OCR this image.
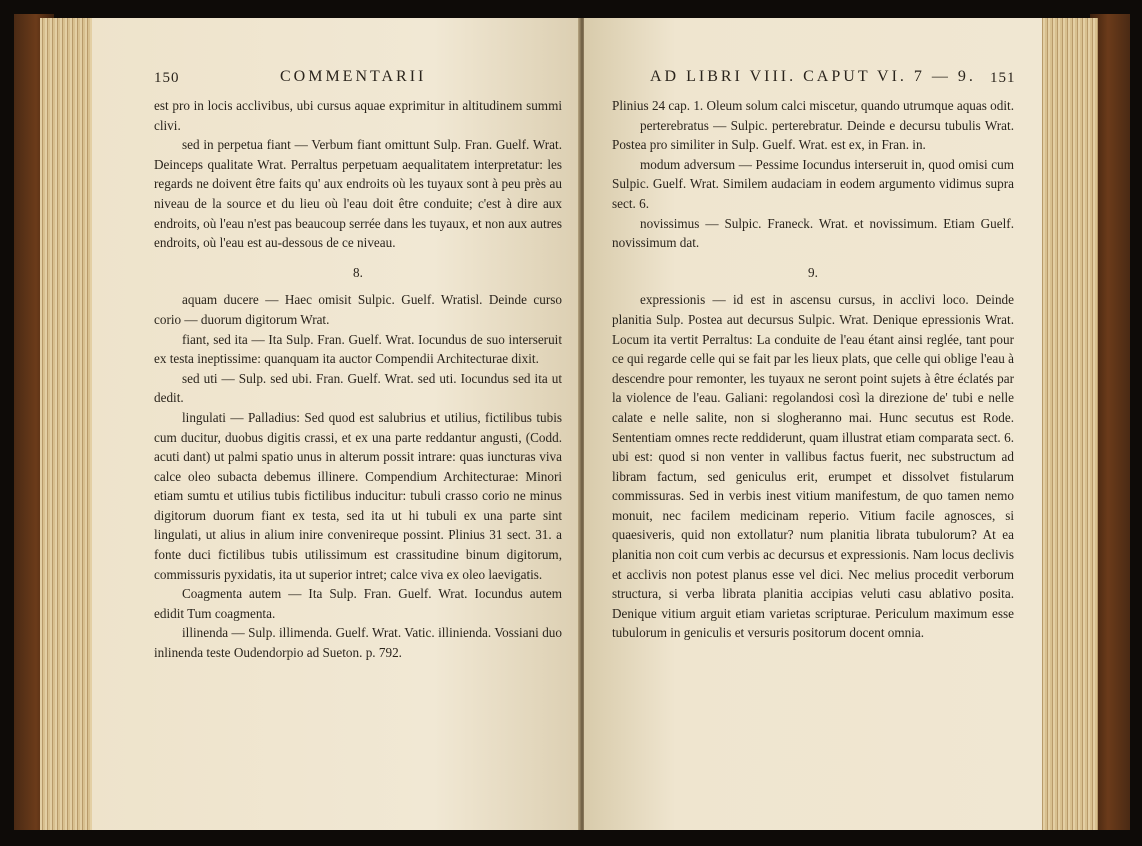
150	COMMENTARII

est pro in locis acclivibus, ubi cursus aquae exprimitur in altitudinem summi clivi.

sed in perpetua fiant — Verbum fiant omittunt Sulp. Fran. Guelf. Wrat. Deinceps qualitate Wrat. Perraltus perpetuam aequalitatem interpretatur: les regards ne doivent être faits qu' aux endroits où les tuyaux sont à peu près au niveau de la source et du lieu où l'eau doit être conduite; c'est à dire aux endroits, où l'eau n'est pas beaucoup serrée dans les tuyaux, et non aux autres endroits, où l'eau est au-dessous de ce niveau.

8.

aquam ducere — Haec omisit Sulpic. Guelf. Wratisl. Deinde curso corio — duorum digitorum Wrat.

fiant, sed ita — Ita Sulp. Fran. Guelf. Wrat. Iocundus de suo interseruit ex testa ineptissime: quanquam ita auctor Compendii Architecturae dixit.

sed uti — Sulp. sed ubi. Fran. Guelf. Wrat. sed uti. Iocundus sed ita ut dedit.

lingulati — Palladius: Sed quod est salubrius et utilius, fictilibus tubis cum ducitur, duobus digitis crassi, et ex una parte reddantur angusti, (Codd. acuti dant) ut palmi spatio unus in alterum possit intrare: quas iuncturas viva calce oleo subacta debemus illinere. Compendium Architecturae: Minori etiam sumtu et utilius tubis fictilibus inducitur: tubuli crasso corio ne minus digitorum duorum fiant ex testa, sed ita ut hi tubuli ex una parte sint lingulati, ut alius in alium inire convenireque possint. Plinius 31 sect. 31. a fonte duci fictilibus tubis utilissimum est crassitudine binum digitorum, commissuris pyxidatis, ita ut superior intret; calce viva ex oleo laevigatis.

Coagmenta autem — Ita Sulp. Fran. Guelf. Wrat. Iocundus autem edidit Tum coagmenta.

illinenda — Sulp. illimenda. Guelf. Wrat. Vatic. illinienda. Vossiani duo inlinenda teste Oudendorpio ad Sueton. p. 792.

AD LIBRI VIII. CAPUT VI. 7 — 9. 151

Plinius 24 cap. 1. Oleum solum calci miscetur, quando utrumque aquas odit.

perterebratus — Sulpic. perterebratur. Deinde e decursu tubulis Wrat. Postea pro similiter in Sulp. Guelf. Wrat. est ex, in Fran. in.

modum adversum — Pessime Iocundus interseruit in, quod omisi cum Sulpic. Guelf. Wrat. Similem audaciam in eodem argumento vidimus supra sect. 6.

novissimus — Sulpic. Franeck. Wrat. et novissimum. Etiam Guelf. novissimum dat.

9.

expressionis — id est in ascensu cursus, in acclivi loco. Deinde planitia Sulp. Postea aut decursus Sulpic. Wrat. Denique epressionis Wrat. Locum ita vertit Perraltus: La conduite de l'eau étant ainsi reglée, tant pour ce qui regarde celle qui se fait par les lieux plats, que celle qui oblige l'eau à descendre pour remonter, les tuyaux ne seront point sujets à être éclatés par la violence de l'eau. Galiani: regolandosi così la direzione de' tubi e nelle calate e nelle salite, non si slogheranno mai. Hunc secutus est Rode. Sententiam omnes recte reddiderunt, quam illustrat etiam comparata sect. 6. ubi est: quod si non venter in vallibus factus fuerit, nec substructum ad libram factum, sed geniculus erit, erumpet et dissolvet fistularum commissuras. Sed in verbis inest vitium manifestum, de quo tamen nemo monuit, nec facilem medicinam reperio. Vitium facile agnosces, si quaesiveris, quid non extollatur? num planitia librata tubulorum? At ea planitia non coit cum verbis ac decursus et expressionis. Nam locus declivis et acclivis non potest planus esse vel dici. Nec melius procedit verborum structura, si verba librata planitia accipias veluti casu ablativo posita. Denique vitium arguit etiam varietas scripturae. Periculum maximum esse tubulorum in geniculis et versuris positorum docent omnia.
